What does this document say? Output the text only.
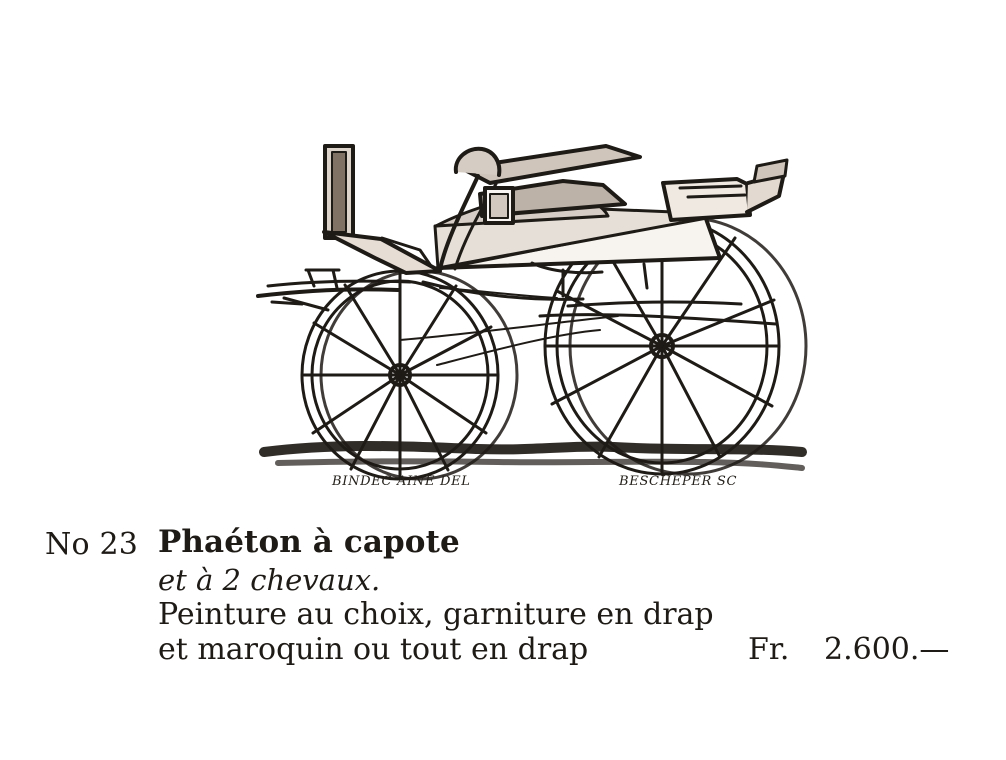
No 23 Phaéton à capote
et à 2 chevaux.
Peinture au choix, garniture en drap
et maroquin ou tout en drap	Fr. 2.600.—
BINDEC AINE DEL	BESCHEPER SC
